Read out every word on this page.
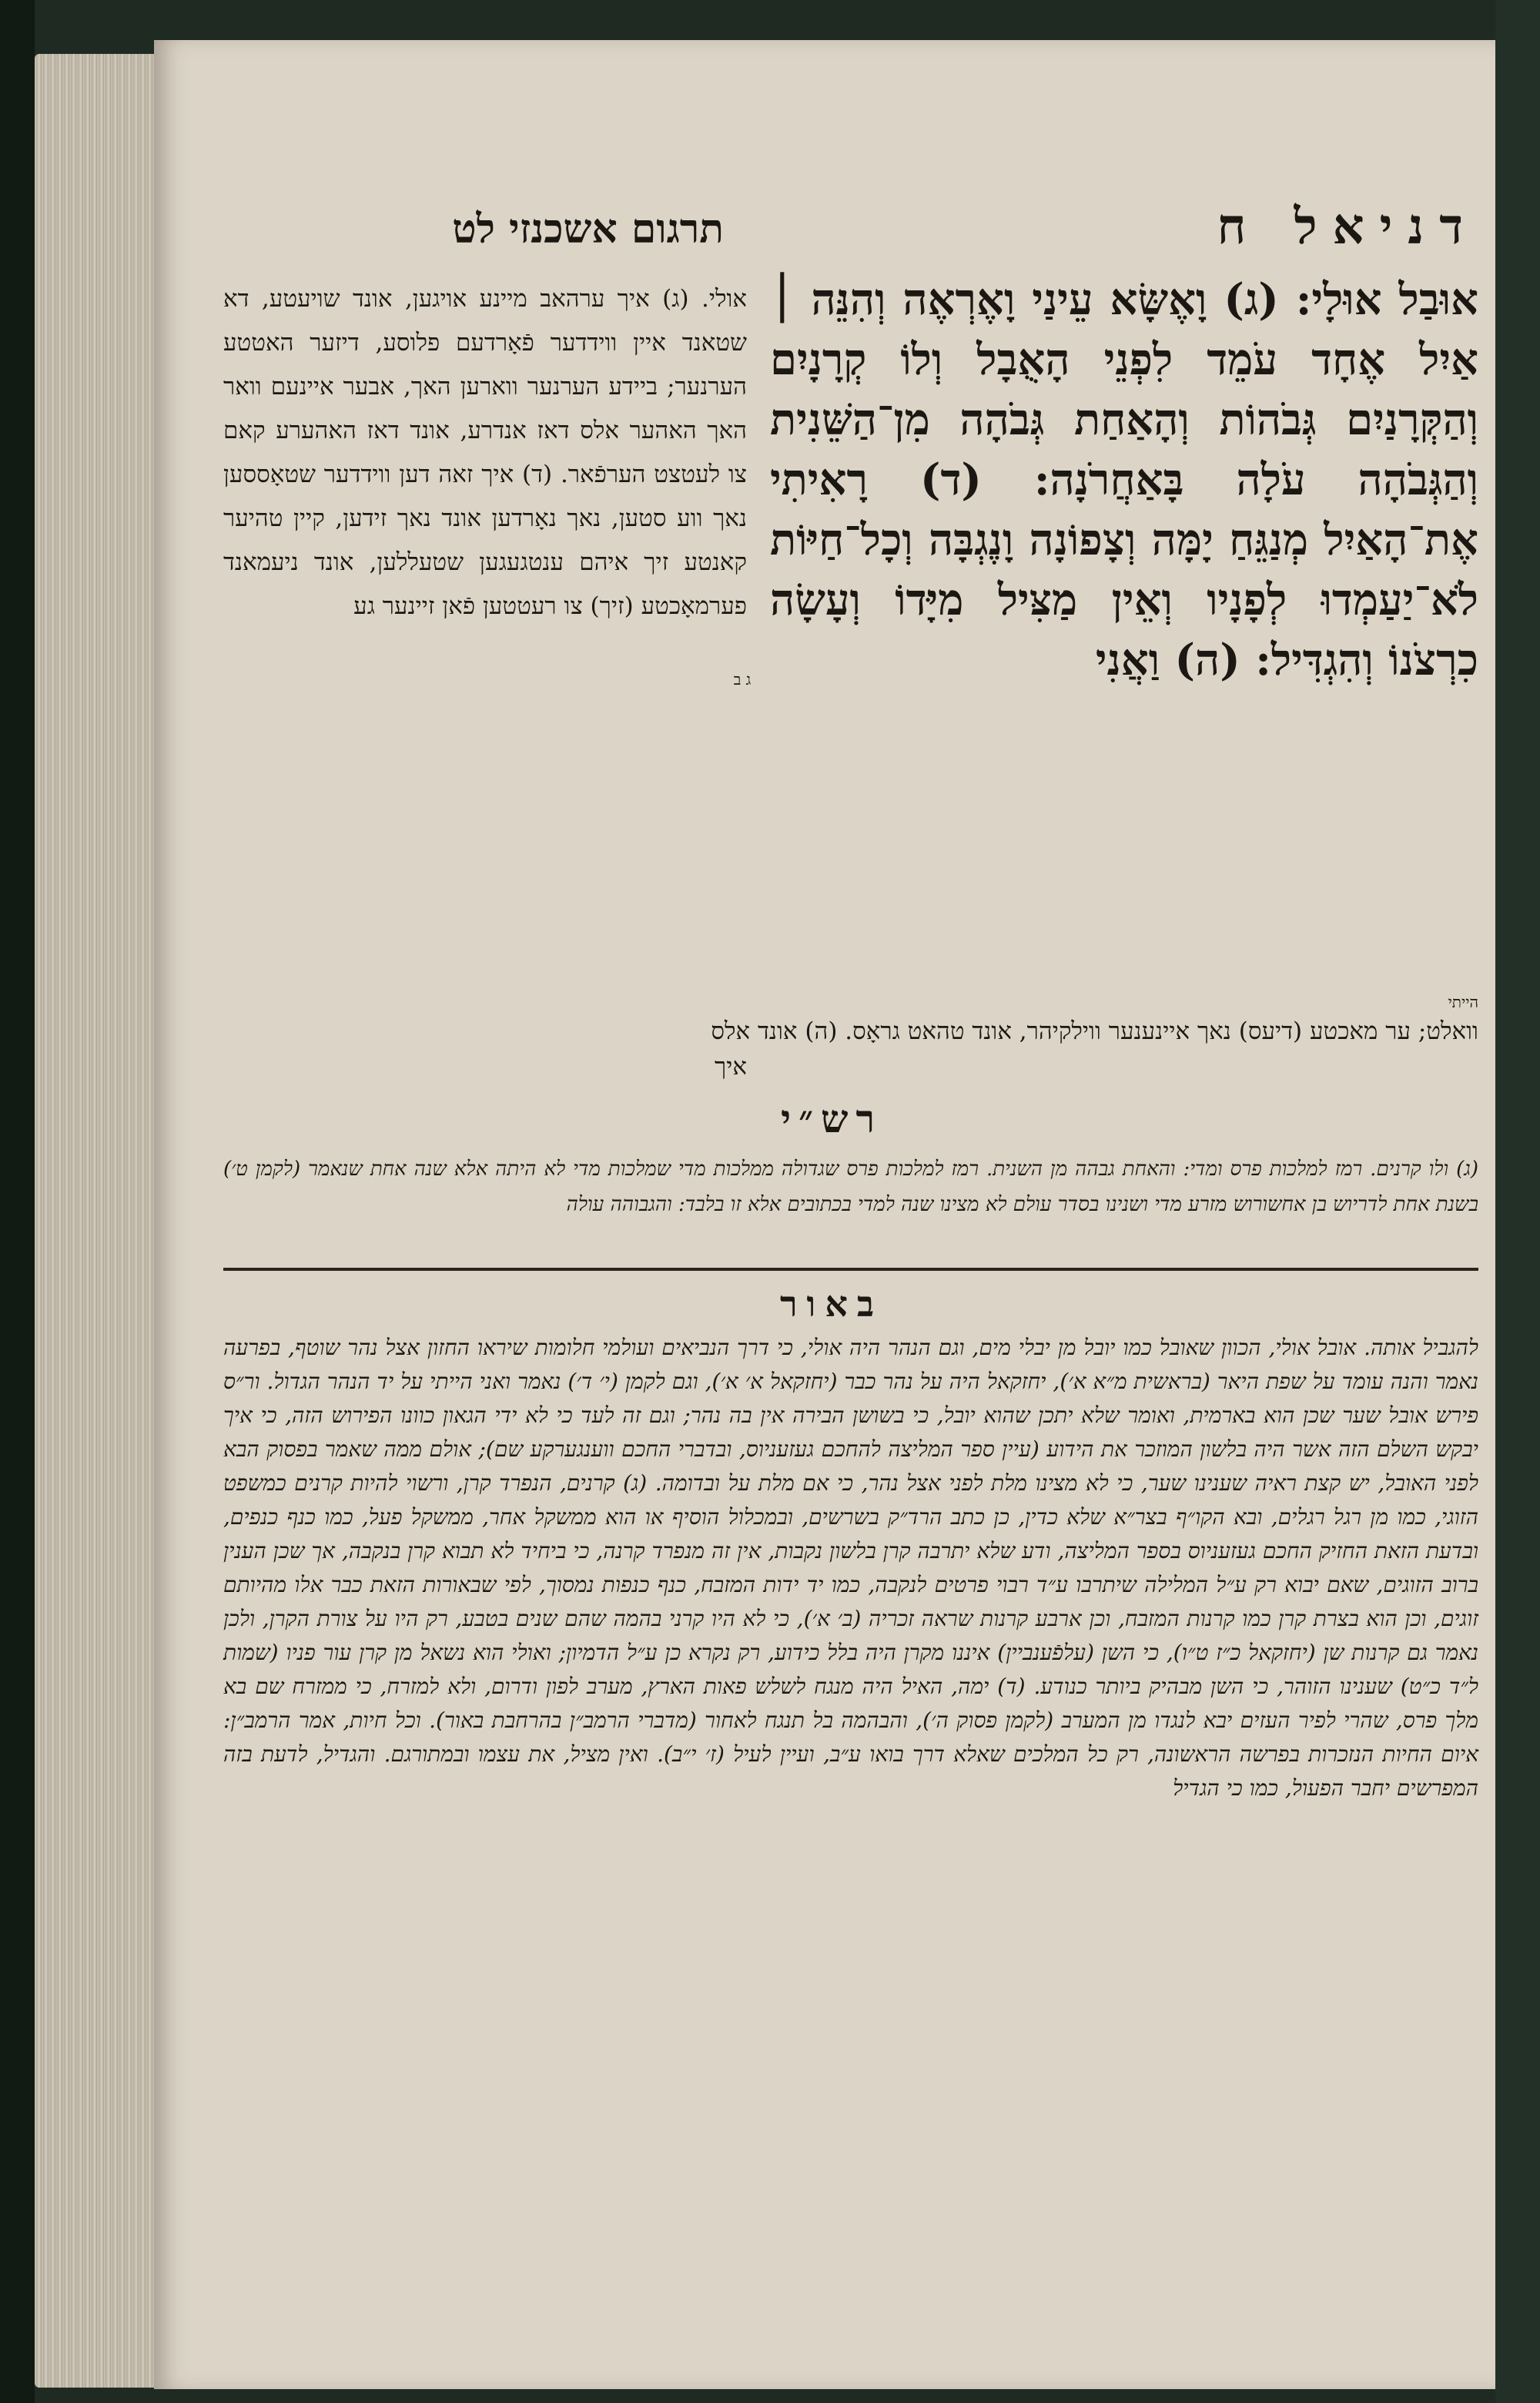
דניאל ח
תרגום אשכנזי לט
אוּבַל אוּלָי: (ג) וָאֶשָּׂא עֵינַי וָאֶרְאֶה וְהִנֵּה ׀ אַיִל אֶחָד עֹמֵד לִפְנֵי הָאֻבָל וְלוֹ קְרָנָיִם וְהַקְּרָנַיִם גְּבֹהוֹת וְהָאַחַת גְּבֹהָה מִן־הַשֵּׁנִית וְהַגְּבֹהָה עֹלָה בָּאַחֲרֹנָה: (ד) רָאִיתִי אֶת־הָאַיִל מְנַגֵּחַ יָמָּה וְצָפוֹנָה וָנֶגְבָּה וְכָל־חַיּוֹת לֹא־יַעַמְדוּ לְפָנָיו וְאֵין מַצִּיל מִיָּדוֹ וְעָשָׂה כִרְצֹנוֹ וְהִגְדִּיל: (ה) וַאֲנִי
אולי. (ג) איך ערהאב מיינע אויגען, אונד שויעטע, דא שטאנד איין ווידדער פֿאָרדעם פלוסע, דיזער האטטע הערנער; ביידע הערנער ווארען האך, אבער איינעם וואר האך האהער אלס דאז אנדרע, אונד דאז האהערע קאם צו לעטצט הערפֿאר. (ד) איך זאה דען ווידדער שטאָססען נאך ווע סטען, נאך נאָרדען אונד נאך זידען, קיין טהיער קאנטע זיך איהם ענטגעגען שטעללען, אונד ניעמאנד פערמאָכטע (זיך) צו רעטטען פֿאן זיינער גע
ג ב
הייתי
וואלט; ער מאכטע (דיעס) נאך איינענער ווילקיהר, אונד טהאט גראָס. (ה) אונד אלס
איך
רש״י
(ג) ולו קרנים. רמז למלכות פרס ומדי: והאחת גבהה מן השנית. רמז למלכות פרס שגדולה ממלכות מדי שמלכות מדי לא היתה אלא שנה אחת שנאמר (לקמן ט׳) בשנת אחת לדריוש בן אחשורוש מזרע מדי ושנינו בסדר עולם לא מצינו שנה למדי בכתובים אלא זו בלבד: והגבוהה עולה
באור
להגביל אותה. אובל אולי, הכוון שאובל כמו יובל מן יבלי מים, וגם הנהר היה אולי, כי דרך הנביאים ועולמי חלומות שיראו החזון אצל נהר שוטף, בפרעה נאמר והנה עומד על שפת היאר (בראשית מ״א א׳), יחזקאל היה על נהר כבר (יחזקאל א׳ א׳), וגם לקמן (י׳ ד׳) נאמר ואני הייתי על יד הנהר הגדול. ור״ס פירש אובל שער שכן הוא בארמית, ואומר שלא יתכן שהוא יובל, כי בשושן הבירה אין בה נהר; וגם זה לעד כי לא ידי הגאון כוונו הפירוש הזה, כי איך יבקש השלם הזה אשר היה בלשון המוזכר את הידוע (עיין ספר המליצה להחכם געזעניוס, ובדברי החכם ווענגערקע שם); אולם ממה שאמר בפסוק הבא לפני האובל, יש קצת ראיה שענינו שער, כי לא מצינו מלת לפני אצל נהר, כי אם מלת על ובדומה. (ג) קרנים, הנפרד קרן, ורשוי להיות קרנים כמשפט הזוגי, כמו מן רגל רגלים, ובא הקו״ף בצר״א שלא כדין, כן כתב הרד״ק בשרשים, ובמכלול הוסיף או הוא ממשקל אחר, ממשקל פעל, כמו כנף כנפים, ובדעת הזאת החזיק החכם געזעניוס בספר המליצה, ודע שלא יתרבה קרן בלשון נקבות, אין זה מנפרד קרנה, כי ביחיד לא תבוא קרן בנקבה, אך שכן הענין ברוב הזוגים, שאם יבוא רק ע״ל המלילה שיתרבו ע״ד רבוי פרטים לנקבה, כמו יד ידות המזבח, כנף כנפות נמסוך, לפי שבאורות הזאת כבר אלו מהיותם זוגים, וכן הוא בצרת קרן כמו קרנות המזבח, וכן ארבע קרנות שראה זכריה (ב׳ א׳), כי לא היו קרני בהמה שהם שנים בטבע, רק היו על צורת הקרן, ולכן נאמר גם קרנות שן (יחזקאל כ״ז ט״ו), כי השן (עלפֿענביין) איננו מקרן היה בלל כידוע, רק נקרא כן ע״ל הדמיון; ואולי הוא נשאל מן קרן עור פניו (שמות ל״ד כ״ט) שענינו הזוהר, כי השן מבהיק ביותר כנודע. (ד) ימה, האיל היה מנגח לשלש פאות הארץ, מערב לפון ודרום, ולא למזרח, כי ממזרח שם בא מלך פרס, שהרי לפיר העזים יבא לנגדו מן המערב (לקמן פסוק ה׳), והבהמה בל תנגח לאחור (מדברי הרמב״ן בהרחבת באור). וכל חיות, אמר הרמב״ן: איום החיות הנזכרות בפרשה הראשונה, רק כל המלכים שאלא דרך בואו ע״ב, ועיין לעיל (ז׳ י״ב). ואין מציל, את עצמו ובמתורגם. והגדיל, לדעת בזה המפרשים יחבר הפעול, כמו כי הגדיל
